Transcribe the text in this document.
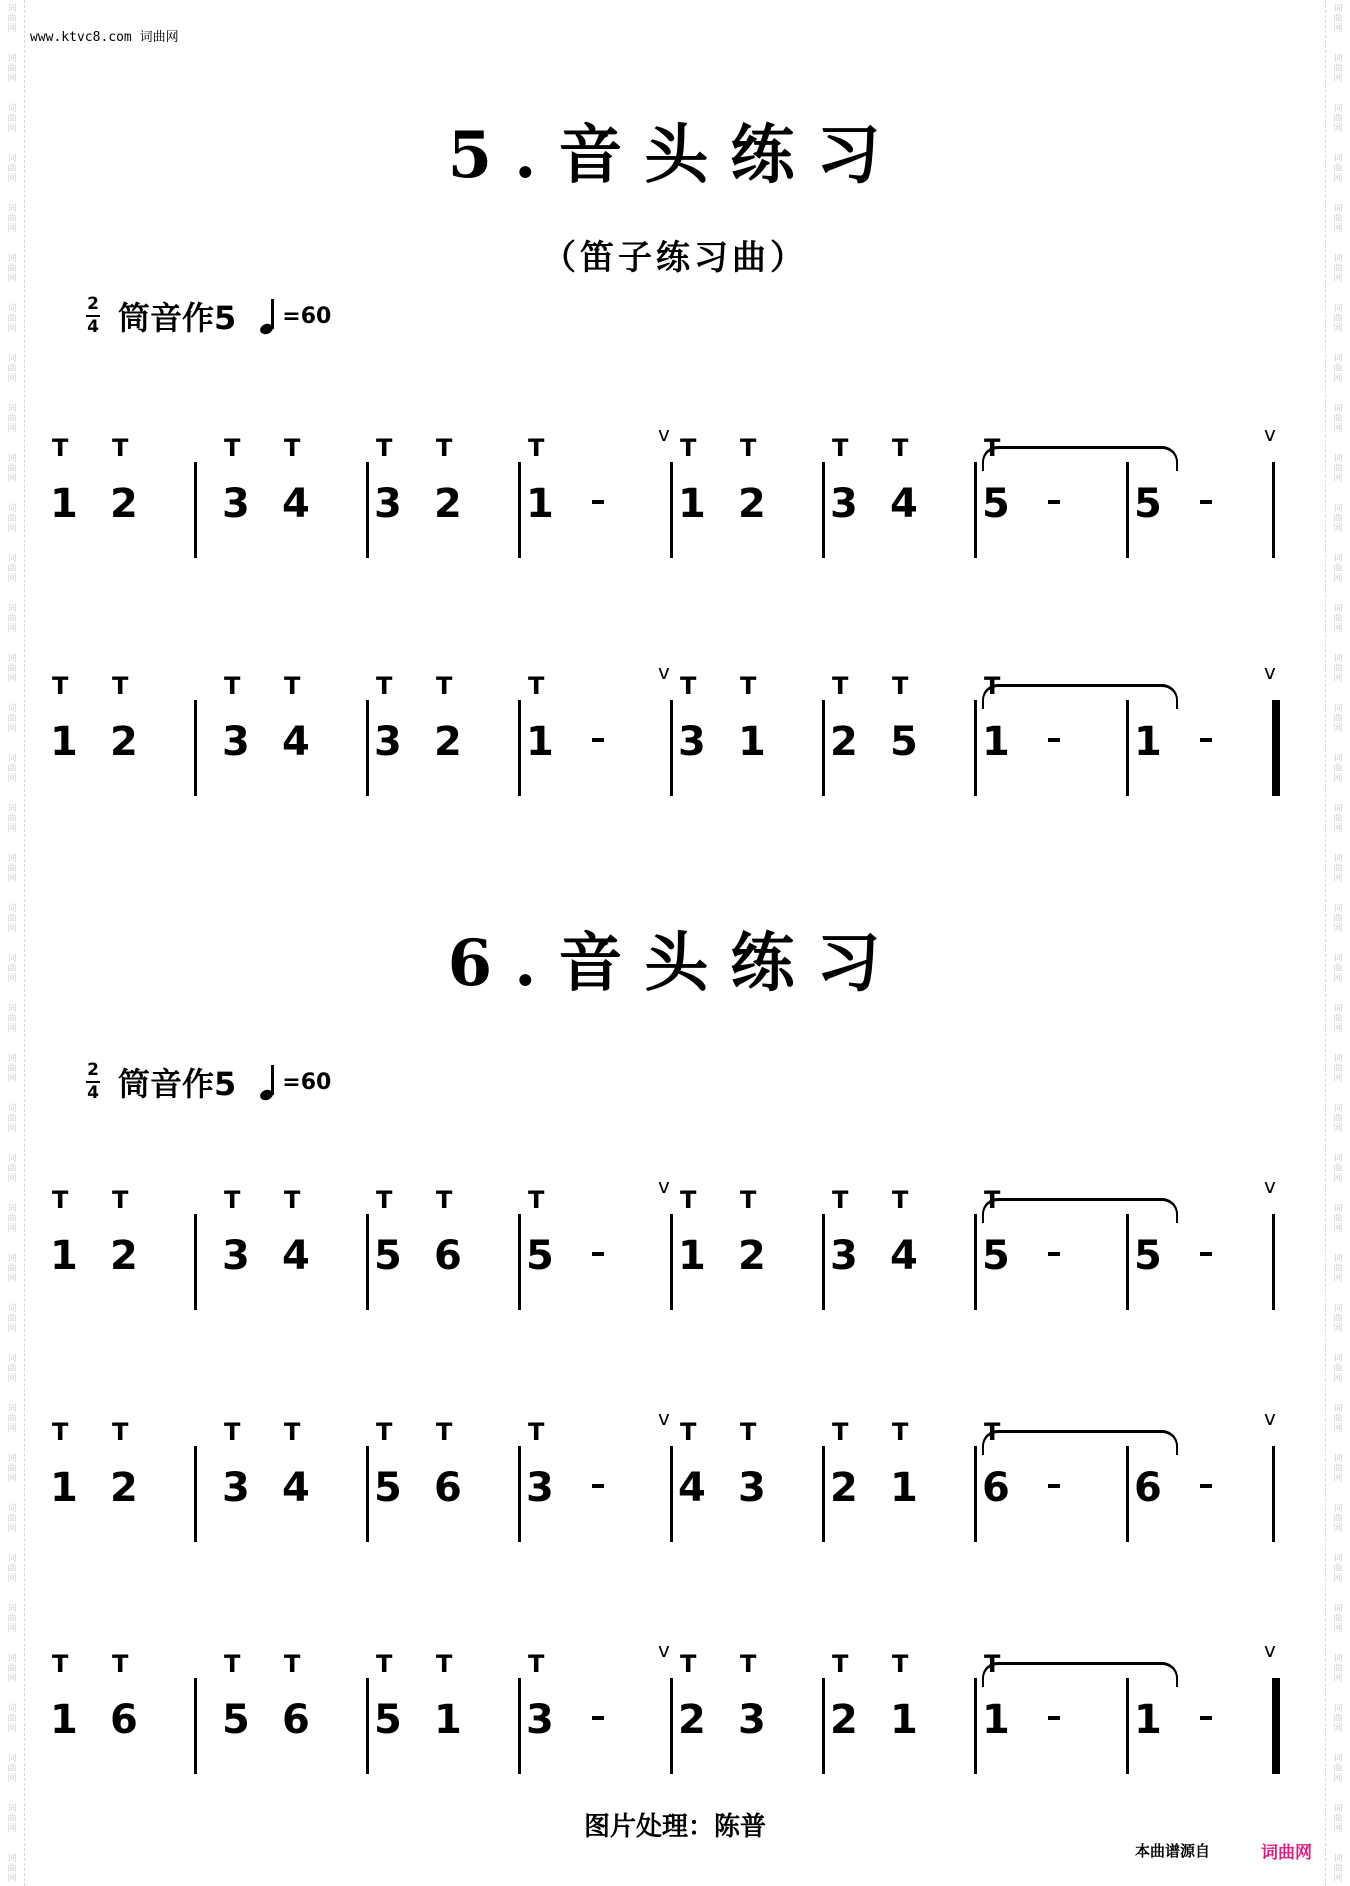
词
曲
网
词
曲
网
词
曲
网
词
曲
网
词
曲
网
词
曲
网
词
曲
网
词
曲
网
词
曲
网
词
曲
网
词
曲
网
词
曲
网
词
曲
网
词
曲
网
词
曲
网
词
曲
网
词
曲
网
词
曲
网
词
曲
网
词
曲
网
词
曲
网
词
曲
网
词
曲
网
词
曲
网
词
曲
网
词
曲
网
词
曲
网
词
曲
网
词
曲
网
词
曲
网
词
曲
网
词
曲
网
词
曲
网
词
曲
网
词
曲
网
词
曲
网
词
曲
网
词
曲
网
词
曲
网
词
曲
网
词
曲
网
词
曲
网
词
曲
网
词
曲
网
词
曲
网
词
曲
网
词
曲
网
词
曲
网
词
曲
网
词
曲
网
词
曲
网
词
曲
网
词
曲
网
词
曲
网
词
曲
网
词
曲
网
词
曲
网
词
曲
网
词
曲
网
词
曲
网
词
曲
网
词
曲
网
词
曲
网
词
曲
网
词
曲
网
词
曲
网
词
曲
网
词
曲
网
词
曲
网
词
曲
网
词
曲
网
词
曲
网
词
曲
网
词
曲
网
词
曲
网
词
曲
网
www.ktvc8.com 词曲网
5.音头练习
（笛子练习曲）
2
4 筒音作5 =60
1
T
2
T
3
T
4
T
3
T
2
T
1
T	v
1
T
2
T
3
T
4
T
5
T
5
v
1
T
2
T
3
T
4
T
3
T
2
T
1
T	v
3
T
1
T
2
T
5
T
1
T
1
v
6.音头练习
2
4 筒音作5 =60
1
T
2
T
3
T
4
T
5
T
6
T
5
T	v
1
T
2
T
3
T
4
T
5
T
5
v
1
T
2
T
3
T
4
T
5
T
6
T
3
T	v
4
T
3
T
2
T
1
T
6
T
6
v
1
T
6
T
5
T
6
T
5
T
1
T
3
T	v
2
T
3
T
2
T
1
T
1
T
1
v
图片处理：陈普
本曲谱源自	词曲网
